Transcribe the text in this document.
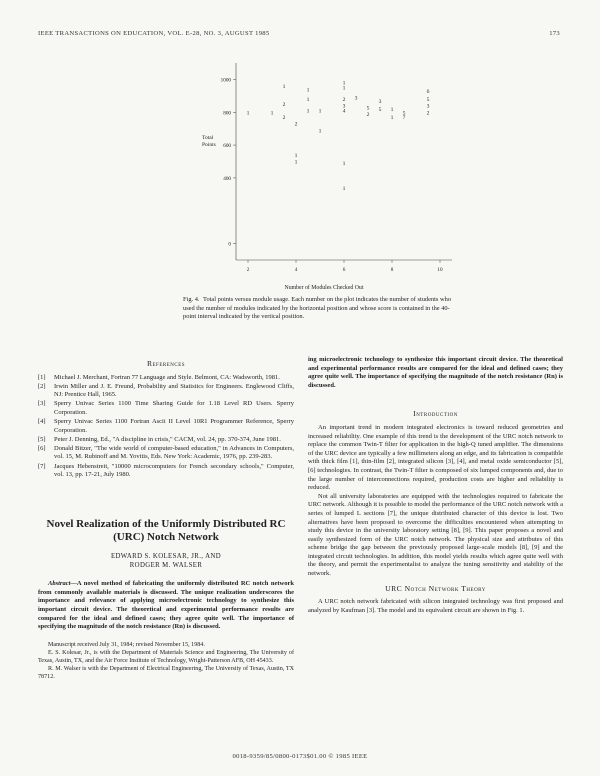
IEEE TRANSACTIONS ON EDUCATION, VOL. E-28, NO. 3, AUGUST 1985	173
1000
800
600
400
0
2	4	6	8	10
1	1
1
2
2
1
1
1
2
1
1
1
2
3
4
3
1
1
1	1
1
2
3
5
5	1
1
5
7
6
5
3
2
Total
Points
Number of Modules Checked Out
Fig. 4. Total points versus module usage. Each number on the plot indicates the number of students who used the number of modules indicated by the horizontal position and whose score is contained in the 40-point interval indicated by the vertical position.
References
[1]	Michael J. Merchant, Fortran 77 Language and Style. Belmont, CA: Wadsworth, 1981.
[2]	Irwin Miller and J. E. Freund, Probability and Statistics for Engineers. Englewood Cliffs, NJ: Prentice Hall, 1965.
[3]	Sperry Univac Series 1100 Time Sharing Guide for 1.18 Level RD Users. Sperry Corporation.
[4]	Sperry Univac Series 1100 Fortran Ascii II Level 10R1 Programmer Reference, Sperry Corporation.
[5]	Peter J. Denning, Ed., "A discipline in crisis," CACM, vol. 24, pp. 370-374, June 1981.
[6]	Donald Bitzer, "The wide world of computer-based education," in Advances in Computers, vol. 15, M. Rubinoff and M. Yovitis, Eds. New York: Academic, 1976, pp. 239-283.
[7]	Jacques Hebenstreit, "10000 microcomputers for French secondary schools," Computer, vol. 13, pp. 17-21, July 1980.
Novel Realization of the Uniformly Distributed RC
(URC) Notch Network
EDWARD S. KOLESAR, JR., AND
RODGER M. WALSER
Abstract—A novel method of fabricating the uniformly distributed RC notch network from commonly available materials is discussed. The unique realization underscores the importance and relevance of applying microelectronic technology to synthesize this important circuit device. The theoretical and experimental performance results are compared for the ideal and defined cases; they agree quite well. The importance of specifying the magnitude of the notch resistance (Rn) is discussed.

Manuscript received July 31, 1984; revised November 15, 1984.

E. S. Kolesar, Jr., is with the Department of Materials Science and Engineering, The University of Texas, Austin, TX, and the Air Force Institute of Technology, Wright-Patterson AFB, OH 45433.

R. M. Walser is with the Department of Electrical Engineering, The University of Texas, Austin, TX 78712.

ing microelectronic technology to synthesize this important circuit device. The theoretical and experimental performance results are compared for the ideal and defined cases; they agree quite well. The importance of specifying the magnitude of the notch resistance (Rn) is discussed.
Introduction

An important trend in modern integrated electronics is toward reduced geometries and increased reliability. One example of this trend is the development of the URC notch network to replace the common Twin-T filter for application in the high-Q tuned amplifier. The dimensions of the URC device are typically a few millimeters along an edge, and its fabrication is compatible with thick film [1], thin-film [2], integrated silicon [3], [4], and metal oxide semiconductor [5], [6] technologies. In contrast, the Twin-T filter is composed of six lumped components and, due to the large number of interconnections required, production costs are higher and reliability is reduced.

Not all university laboratories are equipped with the technologies required to fabricate the URC network. Although it is possible to model the performance of the URC notch network with a series of lumped L sections [7], the unique distributed character of this device is lost. Two alternatives have been proposed to overcome the difficulties encountered when attempting to study this device in the university laboratory setting [8], [9]. This paper proposes a novel and easily synthesized form of the URC notch network. The physical size and attributes of this scheme bridge the gap between the previously proposed large-scale models [8], [9] and the integrated circuit technologies. In addition, this model yields results which agree quite well with the theory, and permit the experimentalist to analyze the tuning sensitivity and stability of the network.

URC Notch Network Theory

A URC notch network fabricated with silicon integrated technology was first proposed and analyzed by Kaufman [3]. The model and its equivalent circuit are shown in Fig. 1.

0018-9359/85/0800-0173$01.00 © 1985 IEEE
